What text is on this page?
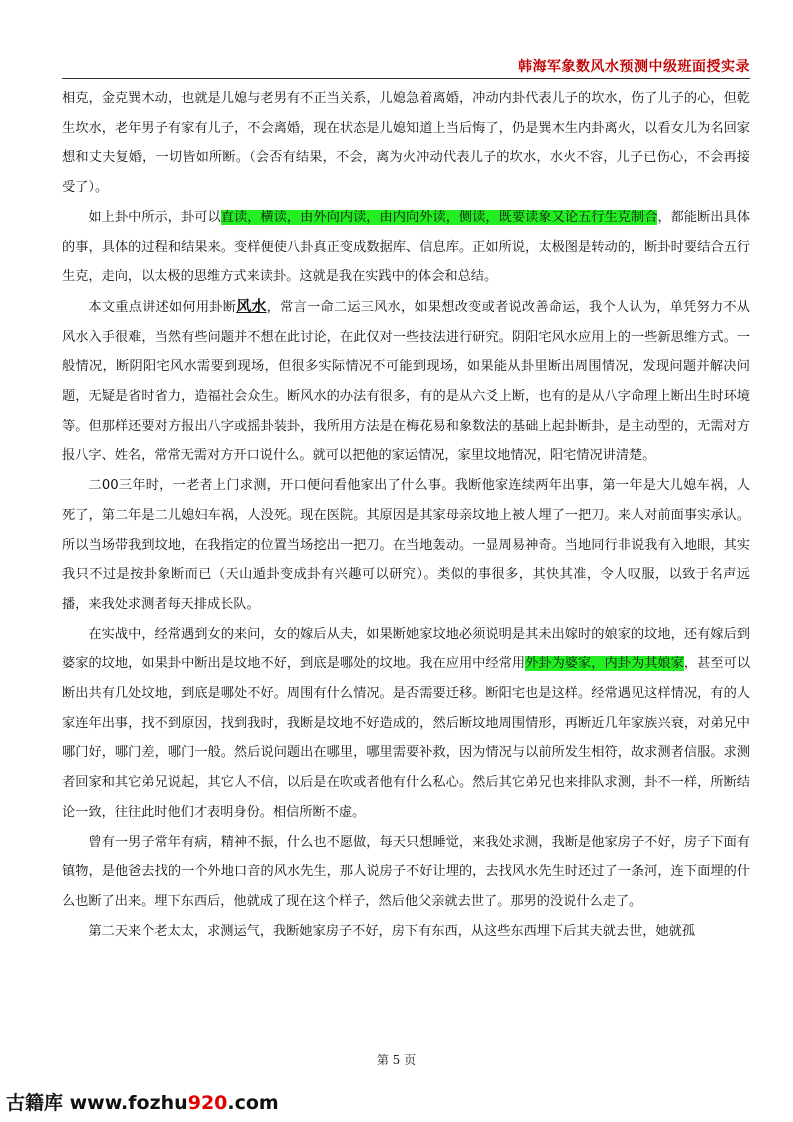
韩海军象数风水预测中级班面授实录

相克，金克巽木动，也就是儿媳与老男有不正当关系，儿媳急着离婚，冲动内卦代表儿子的坎水，伤了儿子的心，但乾生坎水，老年男子有家有儿子，不会离婚，现在状态是儿媳知道上当后悔了，仍是巽木生内卦离火，以看女儿为名回家想和丈夫复婚，一切皆如所断。（会否有结果，不会，离为火冲动代表儿子的坎水，水火不容，儿子已伤心，不会再接受了）。

如上卦中所示，卦可以直读，横读，由外向内读，由内向外读，侧读，既要读象又论五行生克制合，都能断出具体的事，具体的过程和结果来。变样便使八卦真正变成数据库、信息库。正如所说，太极图是转动的，断卦时要结合五行生克，走向，以太极的思维方式来读卦。这就是我在实践中的体会和总结。

本文重点讲述如何用卦断风水，常言一命二运三风水，如果想改变或者说改善命运，我个人认为，单凭努力不从风水入手很难，当然有些问题并不想在此讨论，在此仅对一些技法进行研究。阴阳宅风水应用上的一些新思维方式。一般情况，断阴阳宅风水需要到现场，但很多实际情况不可能到现场，如果能从卦里断出周围情况，发现问题并解决问题，无疑是省时省力，造福社会众生。断风水的办法有很多，有的是从六爻上断，也有的是从八字命理上断出生时环境等。但那样还要对方报出八字或摇卦装卦，我所用方法是在梅花易和象数法的基础上起卦断卦，是主动型的，无需对方报八字、姓名，常常无需对方开口说什么。就可以把他的家运情况，家里坟地情况，阳宅情况讲清楚。

二00三年时，一老者上门求测，开口便问看他家出了什么事。我断他家连续两年出事，第一年是大儿媳车祸，人死了，第二年是二儿媳妇车祸，人没死。现在医院。其原因是其家母亲坟地上被人埋了一把刀。来人对前面事实承认。所以当场带我到坟地，在我指定的位置当场挖出一把刀。在当地轰动。一显周易神奇。当地同行非说我有入地眼，其实我只不过是按卦象断而已（天山遁卦变成卦有兴趣可以研究）。类似的事很多，其快其准，令人叹服，以致于名声远播，来我处求测者每天排成长队。

在实战中，经常遇到女的来问，女的嫁后从夫，如果断她家坟地必须说明是其未出嫁时的娘家的坟地，还有嫁后到婆家的坟地，如果卦中断出是坟地不好，到底是哪处的坟地。我在应用中经常用外卦为婆家，内卦为其娘家，甚至可以断出共有几处坟地，到底是哪处不好。周围有什么情况。是否需要迁移。断阳宅也是这样。经常遇见这样情况，有的人家连年出事，找不到原因，找到我时，我断是坟地不好造成的，然后断坟地周围情形，再断近几年家族兴衰，对弟兄中哪门好，哪门差，哪门一般。然后说问题出在哪里，哪里需要补救，因为情况与以前所发生相符，故求测者信服。求测者回家和其它弟兄说起，其它人不信，以后是在吹或者他有什么私心。然后其它弟兄也来排队求测，卦不一样，所断结论一致，往往此时他们才表明身份。相信所断不虚。

曾有一男子常年有病，精神不振，什么也不愿做，每天只想睡觉，来我处求测，我断是他家房子不好，房子下面有镇物，是他爸去找的一个外地口音的风水先生，那人说房子不好让埋的，去找风水先生时还过了一条河，连下面埋的什么也断了出来。埋下东西后，他就成了现在这个样子，然后他父亲就去世了。那男的没说什么走了。

第二天来个老太太，求测运气，我断她家房子不好，房下有东西，从这些东西埋下后其夫就去世，她就孤

第 5 页
古籍库 www.fozhu920.com
